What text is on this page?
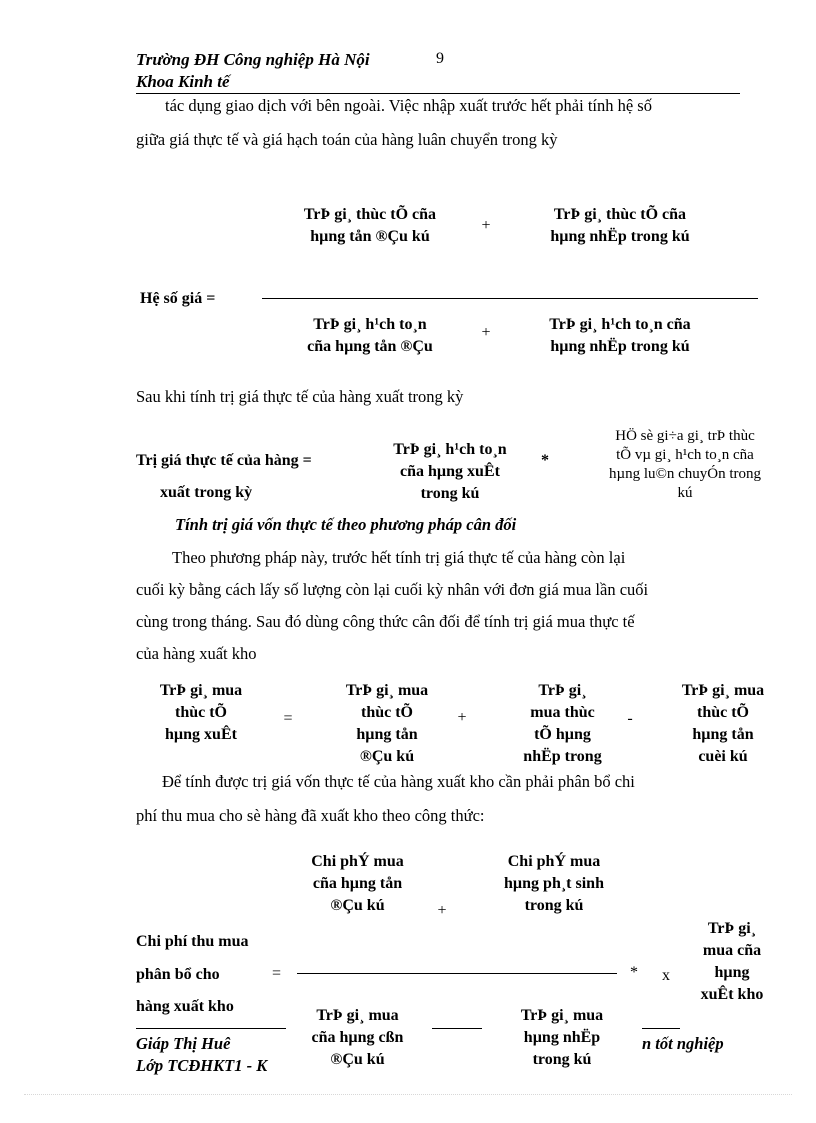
Trường ĐH Công nghiệp Hà Nội	9
Khoa Kinh tế
tác dụng giao dịch với bên ngoài. Việc nhập xuất trước hết phải tính hệ số
giữa giá thực tế và giá hạch toán của hàng luân chuyển trong kỳ
TrÞ gi¸ thùc tÕ cña
hµng tån ®Çu kú
+
TrÞ gi¸ thùc tÕ cña
hµng nhËp trong kú
Hệ số giá =
TrÞ gi¸ h¹ch to¸n
cña hµng tån ®Çu
+	TrÞ gi¸ h¹ch to¸n cña
hµng nhËp trong kú
Sau khi tính trị giá thực tế của hàng xuất trong kỳ
Trị giá thực tế của hàng =
xuất trong kỳ
TrÞ gi¸ h¹ch to¸n
cña hµng xuÊt
trong kú
*
HÖ sè gi÷a gi¸ trÞ thùc
tÕ vµ gi¸ h¹ch to¸n cña
hµng lu©n chuyÓn trong
kú
Tính trị giá vốn thực tế theo phương pháp cân đối
Theo phương pháp này, trước hết tính trị giá thực tế của hàng còn lại
cuối kỳ bằng cách lấy số lượng còn lại cuối kỳ nhân với đơn giá mua lần cuối
cùng trong tháng. Sau đó dùng công thức cân đối để tính trị giá mua thực tế
của hàng xuất kho
TrÞ gi¸ mua
thùc tÕ
hµng xuÊt
=
TrÞ gi¸ mua
thùc tÕ
hµng tån
®Çu kú
+
TrÞ gi¸
mua thùc
tÕ hµng
nhËp trong
-
TrÞ gi¸ mua
thùc tÕ
hµng tån
cuèi kú
Để tính được trị giá vốn thực tế của hàng xuất kho cần phải phân bổ chi
phí thu mua cho sè hàng đã xuất kho theo công thức:
Chi phÝ mua
cña hµng tån
®Çu kú	+
Chi phÝ mua
hµng ph¸t sinh
trong kú
Chi phí thu mua
phân bổ cho
hàng xuất kho
=	* x
TrÞ gi¸
mua cña
hµng
xuÊt kho
Giáp Thị Huê
Lớp TCĐHKT1 - K
n tốt nghiệp
TrÞ gi¸ mua
cña hµng cßn
®Çu kú
TrÞ gi¸ mua
hµng nhËp
trong kú
